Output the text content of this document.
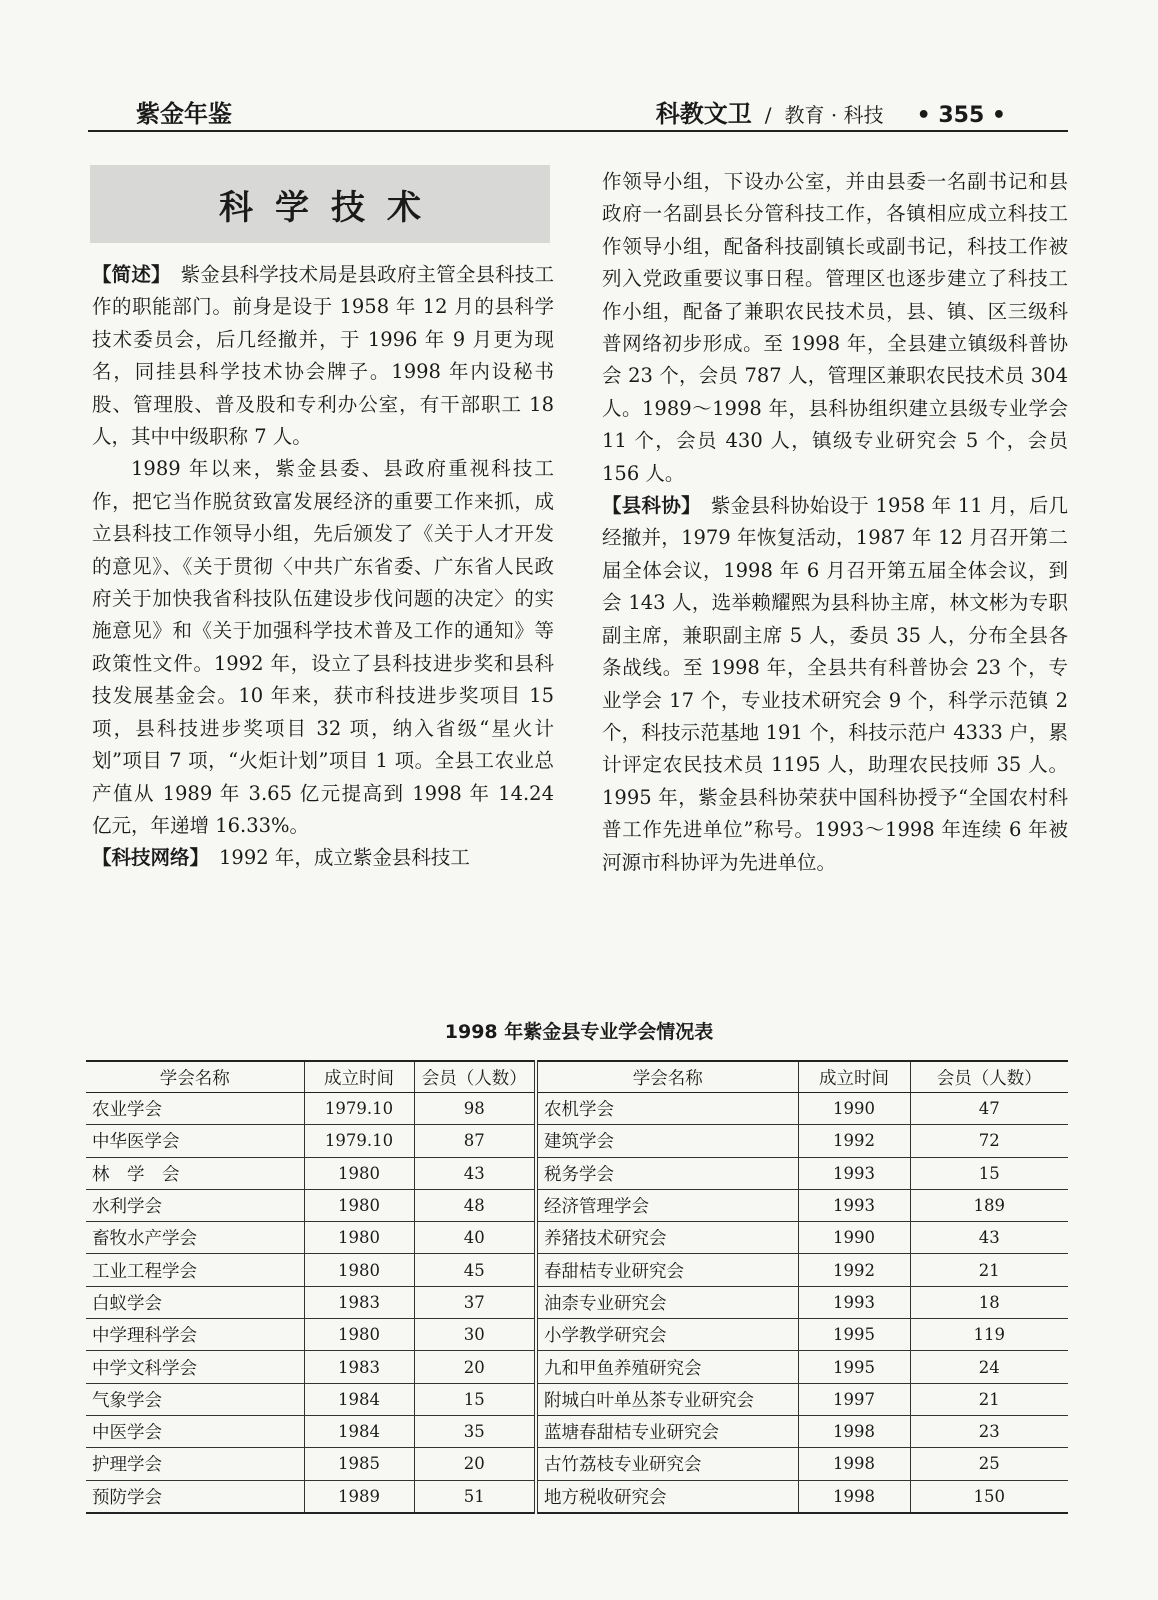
紫金年鉴	科教文卫 / 教育 · 科技 • 355 •
科学技术

【简述】 紫金县科学技术局是县政府主管全县科技工作的职能部门。前身是设于 1958 年 12 月的县科学技术委员会，后几经撤并，于 1996 年 9 月更为现名，同挂县科学技术协会牌子。1998 年内设秘书股、管理股、普及股和专利办公室，有干部职工 18 人，其中中级职称 7 人。

1989 年以来，紫金县委、县政府重视科技工作，把它当作脱贫致富发展经济的重要工作来抓，成立县科技工作领导小组，先后颁发了《关于人才开发的意见》、《关于贯彻〈中共广东省委、广东省人民政府关于加快我省科技队伍建设步伐问题的决定〉的实施意见》和《关于加强科学技术普及工作的通知》等政策性文件。1992 年，设立了县科技进步奖和县科技发展基金会。10 年来，获市科技进步奖项目 15 项，县科技进步奖项目 32 项，纳入省级“星火计划”项目 7 项，“火炬计划”项目 1 项。全县工农业总产值从 1989 年 3.65 亿元提高到 1998 年 14.24 亿元，年递增 16.33%。

【科技网络】 1992 年，成立紫金县科技工

作领导小组，下设办公室，并由县委一名副书记和县政府一名副县长分管科技工作，各镇相应成立科技工作领导小组，配备科技副镇长或副书记，科技工作被列入党政重要议事日程。管理区也逐步建立了科技工作小组，配备了兼职农民技术员，县、镇、区三级科普网络初步形成。至 1998 年，全县建立镇级科普协会 23 个，会员 787 人，管理区兼职农民技术员 304 人。1989～1998 年，县科协组织建立县级专业学会 11 个，会员 430 人，镇级专业研究会 5 个，会员 156 人。

【县科协】 紫金县科协始设于 1958 年 11 月，后几经撤并，1979 年恢复活动，1987 年 12 月召开第二届全体会议，1998 年 6 月召开第五届全体会议，到会 143 人，选举赖耀熙为县科协主席，林文彬为专职副主席，兼职副主席 5 人，委员 35 人，分布全县各条战线。至 1998 年，全县共有科普协会 23 个，专业学会 17 个，专业技术研究会 9 个，科学示范镇 2 个，科技示范基地 191 个，科技示范户 4333 户，累计评定农民技术员 1195 人，助理农民技师 35 人。1995 年，紫金县科协荣获中国科协授予“全国农村科普工作先进单位”称号。1993～1998 年连续 6 年被河源市科协评为先进单位。

1998 年紫金县专业学会情况表
学会名称	成立时间	会员（人数）	学会名称	成立时间	会员（人数）
农业学会	1979.10	98	农机学会	1990	47
中华医学会	1979.10	87	建筑学会	1992	72
林　学　会	1980	43	税务学会	1993	15
水利学会	1980	48	经济管理学会	1993	189
畜牧水产学会	1980	40	养猪技术研究会	1990	43
工业工程学会	1980	45	春甜桔专业研究会	1992	21
白蚁学会	1983	37	油柰专业研究会	1993	18
中学理科学会	1980	30	小学教学研究会	1995	119
中学文科学会	1983	20	九和甲鱼养殖研究会	1995	24
气象学会	1984	15	附城白叶单丛茶专业研究会	1997	21
中医学会	1984	35	蓝塘春甜桔专业研究会	1998	23
护理学会	1985	20	古竹荔枝专业研究会	1998	25
预防学会	1989	51	地方税收研究会	1998	150
